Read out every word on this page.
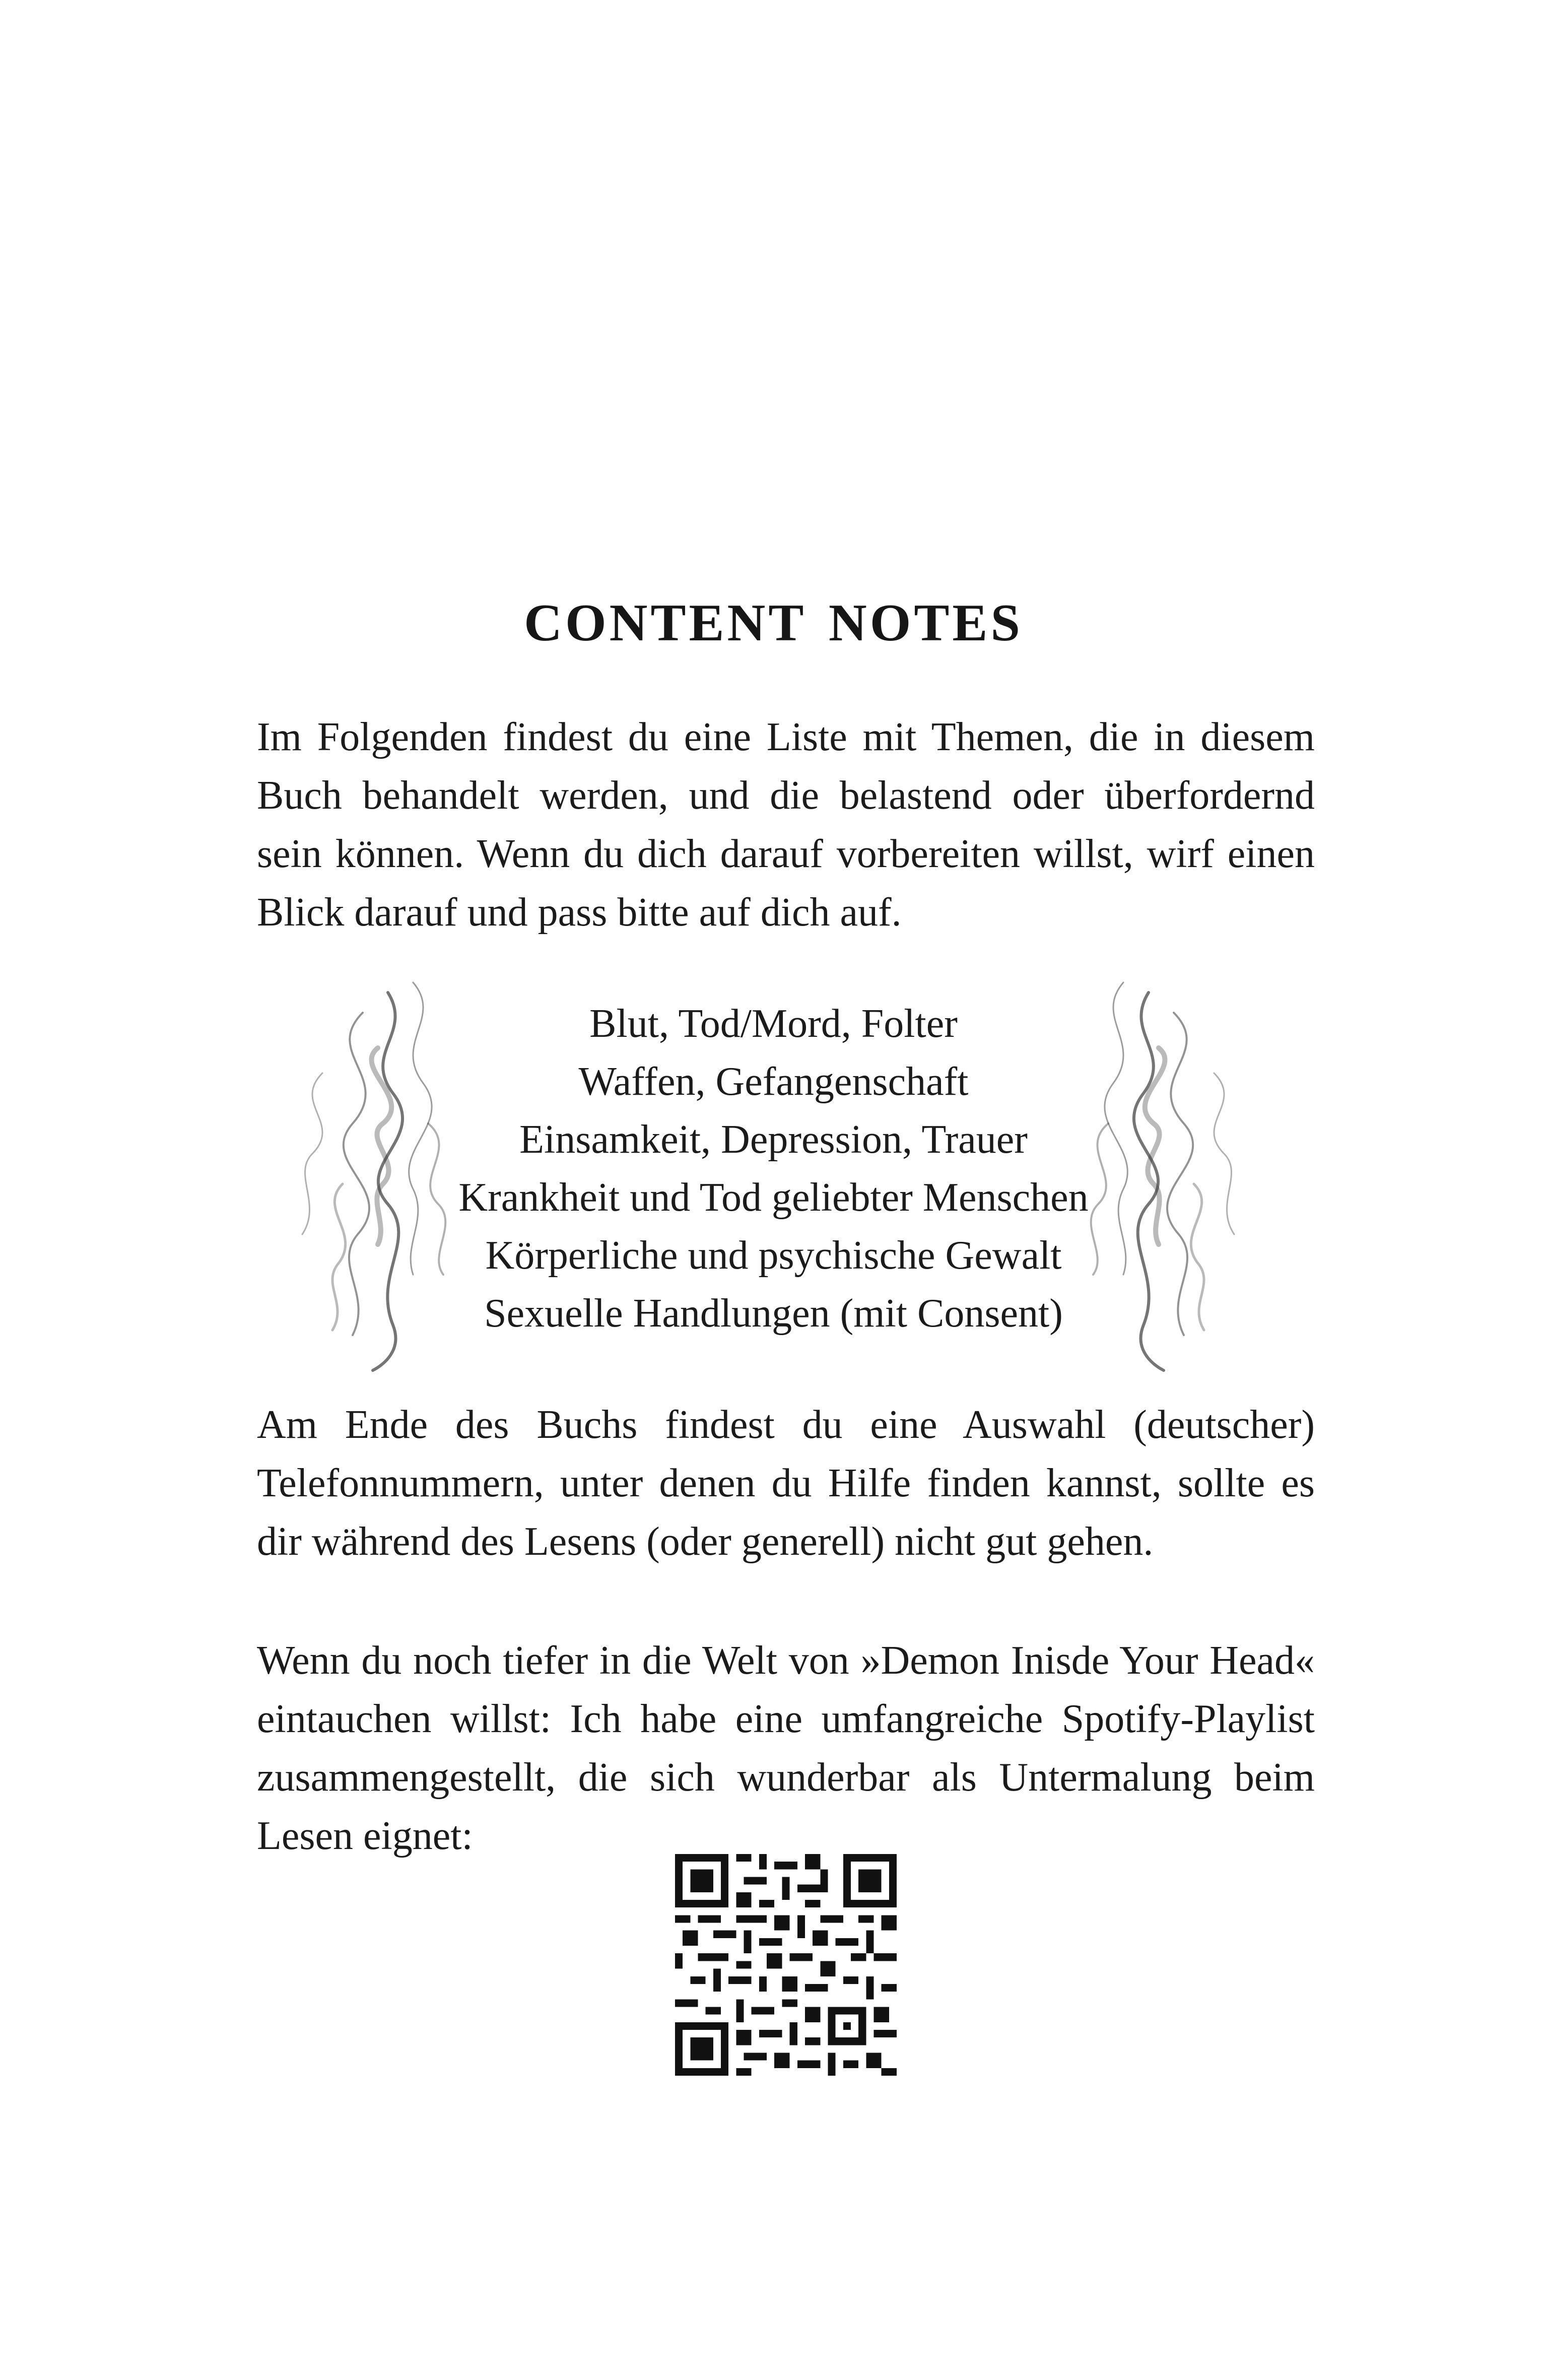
content notes
Im Folgenden findest du eine Liste mit Themen, die in diesem Buch behandelt werden, und die belastend oder überfordernd sein können. Wenn du dich darauf vorbereiten willst, wirf einen Blick darauf und pass bitte auf dich auf.
Blut, Tod/Mord, Folter
Waffen, Gefangenschaft
Einsamkeit, Depression, Trauer
Krankheit und Tod geliebter Menschen
Körperliche und psychische Gewalt
Sexuelle Handlungen (mit Consent)
Am Ende des Buchs findest du eine Auswahl (deutscher) Telefonnummern, unter denen du Hilfe finden kannst, sollte es dir während des Lesens (oder generell) nicht gut gehen.
Wenn du noch tiefer in die Welt von »Demon Inisde Your Head« eintauchen willst: Ich habe eine umfangreiche Spotify-Playlist zusammengestellt, die sich wunderbar als Untermalung beim Lesen eignet:
